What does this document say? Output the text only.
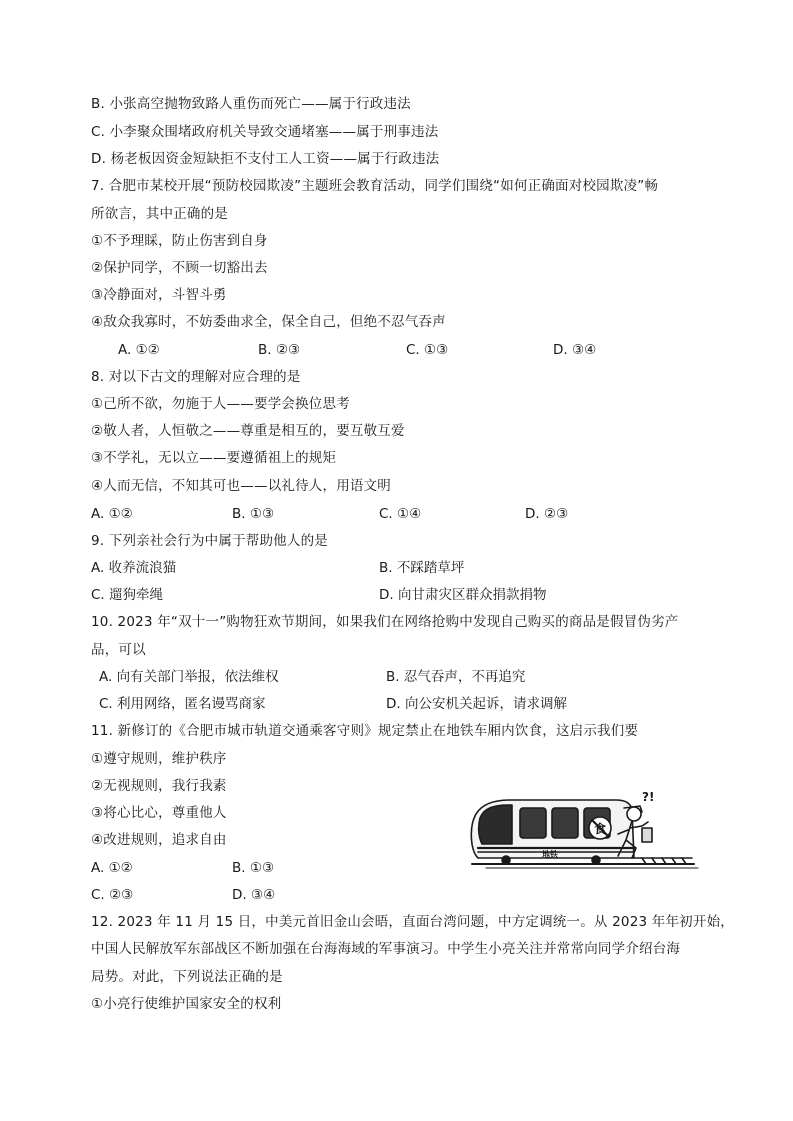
B. 小张高空抛物致路人重伤而死亡——属于行政违法
C. 小李聚众围堵政府机关导致交通堵塞——属于刑事违法
D. 杨老板因资金短缺拒不支付工人工资——属于行政违法
7. 合肥市某校开展“预防校园欺凌”主题班会教育活动，同学们围绕“如何正确面对校园欺凌”畅
所欲言，其中正确的是
①不予理睬，防止伤害到自身
②保护同学，不顾一切豁出去
③冷静面对，斗智斗勇
④敌众我寡时，不妨委曲求全，保全自己，但绝不忍气吞声
A. ①②	B. ②③	C. ①③	D. ③④
8. 对以下古文的理解对应合理的是
①己所不欲，勿施于人——要学会换位思考
②敬人者，人恒敬之——尊重是相互的，要互敬互爱
③不学礼，无以立——要遵循祖上的规矩
④人而无信，不知其可也——以礼待人，用语文明
A. ①②	B. ①③	C. ①④	D. ②③
9. 下列亲社会行为中属于帮助他人的是
A. 收养流浪猫	B. 不踩踏草坪
C. 遛狗牵绳	D. 向甘肃灾区群众捐款捐物
10. 2023 年“双十一”购物狂欢节期间，如果我们在网络抢购中发现自己购买的商品是假冒伪劣产
品，可以
A. 向有关部门举报，依法维权	B. 忍气吞声，不再追究
C. 利用网络，匿名谩骂商家	D. 向公安机关起诉，请求调解
11. 新修订的《合肥市城市轨道交通乘客守则》规定禁止在地铁车厢内饮食，这启示我们要
①遵守规则，维护秩序
②无视规则，我行我素
③将心比心，尊重他人
④改进规则，追求自由
A. ①②	B. ①③
C. ②③	D. ③④
食
地铁
?!
12. 2023 年 11 月 15 日，中美元首旧金山会晤，直面台湾问题，中方定调统一。从 2023 年年初开始，
中国人民解放军东部战区不断加强在台海海域的军事演习。中学生小亮关注并常常向同学介绍台海
局势。对此，下列说法正确的是
①小亮行使维护国家安全的权利
